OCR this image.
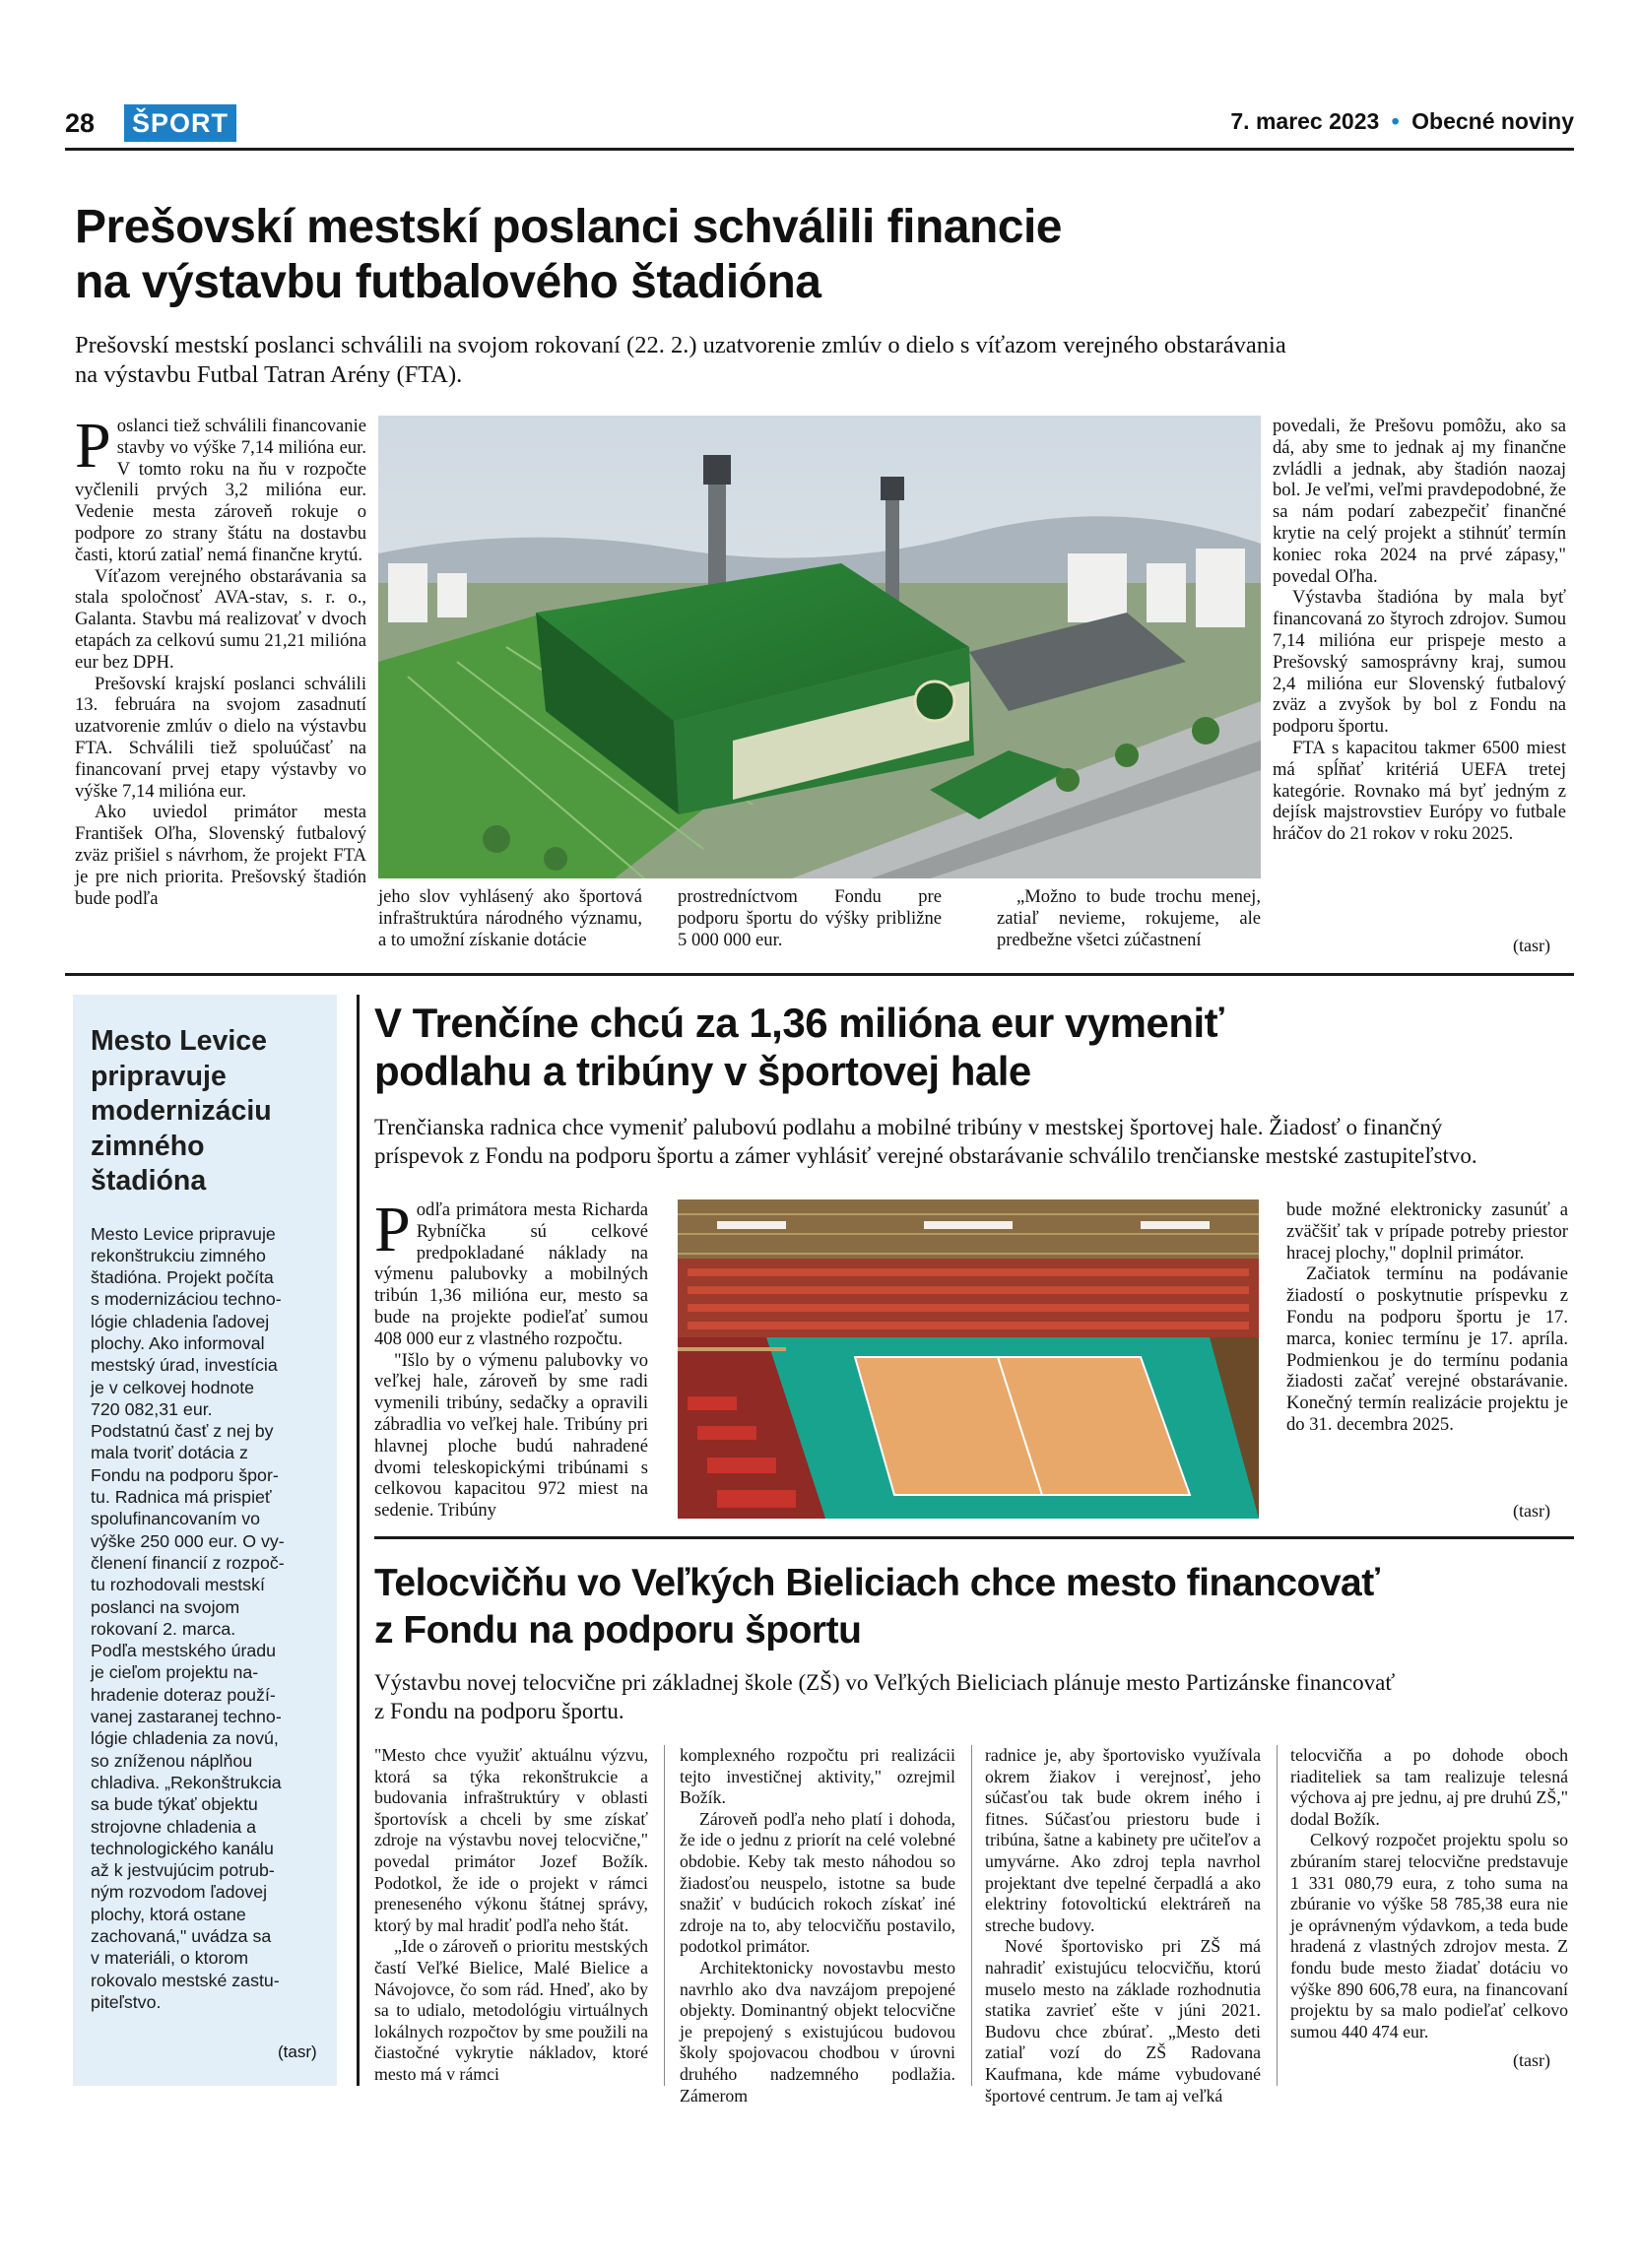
28 ŠPORT	7. marec 2023 • Obecné noviny
Prešovskí mestskí poslanci schválili financie
na výstavbu futbalového štadióna
Prešovskí mestskí poslanci schválili na svojom rokovaní (22. 2.) uzatvorenie zmlúv o dielo s víťazom verejného obstarávania
na výstavbu Futbal Tatran Arény (FTA).

Poslanci tiež schválili financovanie stavby vo výške 7,14 milióna eur. V tomto roku na ňu v rozpočte vyčlenili prvých 3,2 milióna eur. Vedenie mesta zároveň rokuje o podpore zo strany štátu na dostavbu časti, ktorú zatiaľ nemá finančne krytú.

Víťazom verejného obstarávania sa stala spoločnosť AVA-stav, s. r. o., Galanta. Stavbu má realizovať v dvoch etapách za celkovú sumu 21,21 milióna eur bez DPH.

Prešovskí krajskí poslanci schválili 13. februára na svojom zasadnutí uzatvorenie zmlúv o dielo na výstavbu FTA. Schválili tiež spoluúčasť na financovaní prvej etapy výstavby vo výške 7,14 milióna eur.

Ako uviedol primátor mesta František Oľha, Slovenský futbalový zväz prišiel s návrhom, že projekt FTA je pre nich priorita. Prešovský štadión bude podľa	jeho slov vyhlásený ako športová infraštruktúra národného významu, a to umožní získanie dotácie

prostredníctvom Fondu pre podporu športu do výšky približne 5 000 000 eur.

„Možno to bude trochu menej, zatiaľ nevieme, rokujeme, ale predbežne všetci zúčastnení

povedali, že Prešovu pomôžu, ako sa dá, aby sme to jednak aj my finančne zvládli a jednak, aby štadión naozaj bol. Je veľmi, veľmi pravdepodobné, že sa nám podarí zabezpečiť finančné krytie na celý projekt a stihnúť termín koniec roka 2024 na prvé zápasy," povedal Oľha.

Výstavba štadióna by mala byť financovaná zo štyroch zdrojov. Sumou 7,14 milióna eur prispeje mesto a Prešovský samosprávny kraj, sumou 2,4 milióna eur Slovenský futbalový zväz a zvyšok by bol z Fondu na podporu športu.

FTA s kapacitou takmer 6500 miest má spĺňať kritériá UEFA tretej kategórie. Rovnako má byť jedným z dejísk majstrovstiev Európy vo futbale hráčov do 21 rokov v roku 2025.

(tasr)
Mesto Levice
pripravuje
modernizáciu
zimného
štadióna
Mesto Levice pripravuje
rekonštrukciu zimného
štadióna. Projekt počíta
s modernizáciou techno-
lógie chladenia ľadovej
plochy. Ako informoval
mestský úrad, investícia
je v celkovej hodnote
720 082,31 eur.
Podstatnú časť z nej by
mala tvoriť dotácia z
Fondu na podporu špor-
tu. Radnica má prispieť
spolufinancovaním vo
výške 250 000 eur. O vy-
členení financií z rozpoč-
tu rozhodovali mestskí
poslanci na svojom
rokovaní 2. marca.
Podľa mestského úradu
je cieľom projektu na-
hradenie doteraz použí-
vanej zastaranej techno-
lógie chladenia za novú,
so zníženou náplňou
chladiva. „Rekonštrukcia
sa bude týkať objektu
strojovne chladenia a
technologického kanálu
až k jestvujúcim potrub-
ným rozvodom ľadovej
plochy, ktorá ostane
zachovaná," uvádza sa
v materiáli, o ktorom
rokovalo mestské zastu-
piteľstvo.
(tasr)
V Trenčíne chcú za 1,36 milióna eur vymeniť
podlahu a tribúny v športovej hale
Trenčianska radnica chce vymeniť palubovú podlahu a mobilné tribúny v mestskej športovej hale. Žiadosť o finančný
príspevok z Fondu na podporu športu a zámer vyhlásiť verejné obstarávanie schválilo trenčianske mestské zastupiteľstvo.

Podľa primátora mesta Richarda Rybníčka sú celkové predpokladané náklady na výmenu palubovky a mobilných tribún 1,36 milióna eur, mesto sa bude na projekte podieľať sumou 408 000 eur z vlastného rozpočtu.

"Išlo by o výmenu palubovky vo veľkej hale, zároveň by sme radi vymenili tribúny, sedačky a opravili zábradlia vo veľkej hale. Tribúny pri hlavnej ploche budú nahradené dvomi teleskopickými tribúnami s celkovou kapacitou 972 miest na sedenie. Tribúny

bude možné elektronicky zasunúť a zväčšiť tak v prípade potreby priestor hracej plochy," doplnil primátor.

Začiatok termínu na podávanie žiadostí o poskytnutie príspevku z Fondu na podporu športu je 17. marca, koniec termínu je 17. apríla. Podmienkou je do termínu podania žiadosti začať verejné obstarávanie. Konečný termín realizácie projektu je do 31. decembra 2025.

(tasr)
Telocvičňu vo Veľkých Bieliciach chce mesto financovať
z Fondu na podporu športu
Výstavbu novej telocvične pri základnej škole (ZŠ) vo Veľkých Bieliciach plánuje mesto Partizánske financovať
z Fondu na podporu športu.

"Mesto chce využiť aktuálnu výzvu, ktorá sa týka rekonštrukcie a budovania infraštruktúry v oblasti športovísk a chceli by sme získať zdroje na výstavbu novej telocvične," povedal primátor Jozef Božík. Podotkol, že ide o projekt v rámci preneseného výkonu štátnej správy, ktorý by mal hradiť podľa neho štát.

„Ide o zároveň o prioritu mestských častí Veľké Bielice, Malé Bielice a Návojovce, čo som rád. Hneď, ako by sa to udialo, metodológiu virtuálnych lokálnych rozpočtov by sme použili na čiastočné vykrytie nákladov, ktoré mesto má v rámci

komplexného rozpočtu pri realizácii tejto investičnej aktivity," ozrejmil Božík.

Zároveň podľa neho platí i dohoda, že ide o jednu z priorít na celé volebné obdobie. Keby tak mesto náhodou so žiadosťou neuspelo, istotne sa bude snažiť v budúcich rokoch získať iné zdroje na to, aby telocvičňu postavilo, podotkol primátor.

Architektonicky novostavbu mesto navrhlo ako dva navzájom prepojené objekty. Dominantný objekt telocvične je prepojený s existujúcou budovou školy spojovacou chodbou v úrovni druhého nadzemného podlažia. Zámerom

radnice je, aby športovisko využívala okrem žiakov i verejnosť, jeho súčasťou tak bude okrem iného i fitnes. Súčasťou priestoru bude i tribúna, šatne a kabinety pre učiteľov a umyvárne. Ako zdroj tepla navrhol projektant dve tepelné čerpadlá a ako elektriny fotovoltickú elektráreň na streche budovy.

Nové športovisko pri ZŠ má nahradiť existujúcu telocvičňu, ktorú muselo mesto na základe rozhodnutia statika zavrieť ešte v júni 2021. Budovu chce zbúrať. „Mesto deti zatiaľ vozí do ZŠ Radovana Kaufmana, kde máme vybudované športové centrum. Je tam aj veľká

telocvičňa a po dohode oboch riaditeliek sa tam realizuje telesná výchova aj pre jednu, aj pre druhú ZŠ," dodal Božík.

Celkový rozpočet projektu spolu so zbúraním starej telocvične predstavuje 1 331 080,79 eura, z toho suma na zbúranie vo výške 58 785,38 eura nie je oprávneným výdavkom, a teda bude hradená z vlastných zdrojov mesta. Z fondu bude mesto žiadať dotáciu vo výške 890 606,78 eura, na financovaní projektu by sa malo podieľať celkovo sumou 440 474 eur.

(tasr)
